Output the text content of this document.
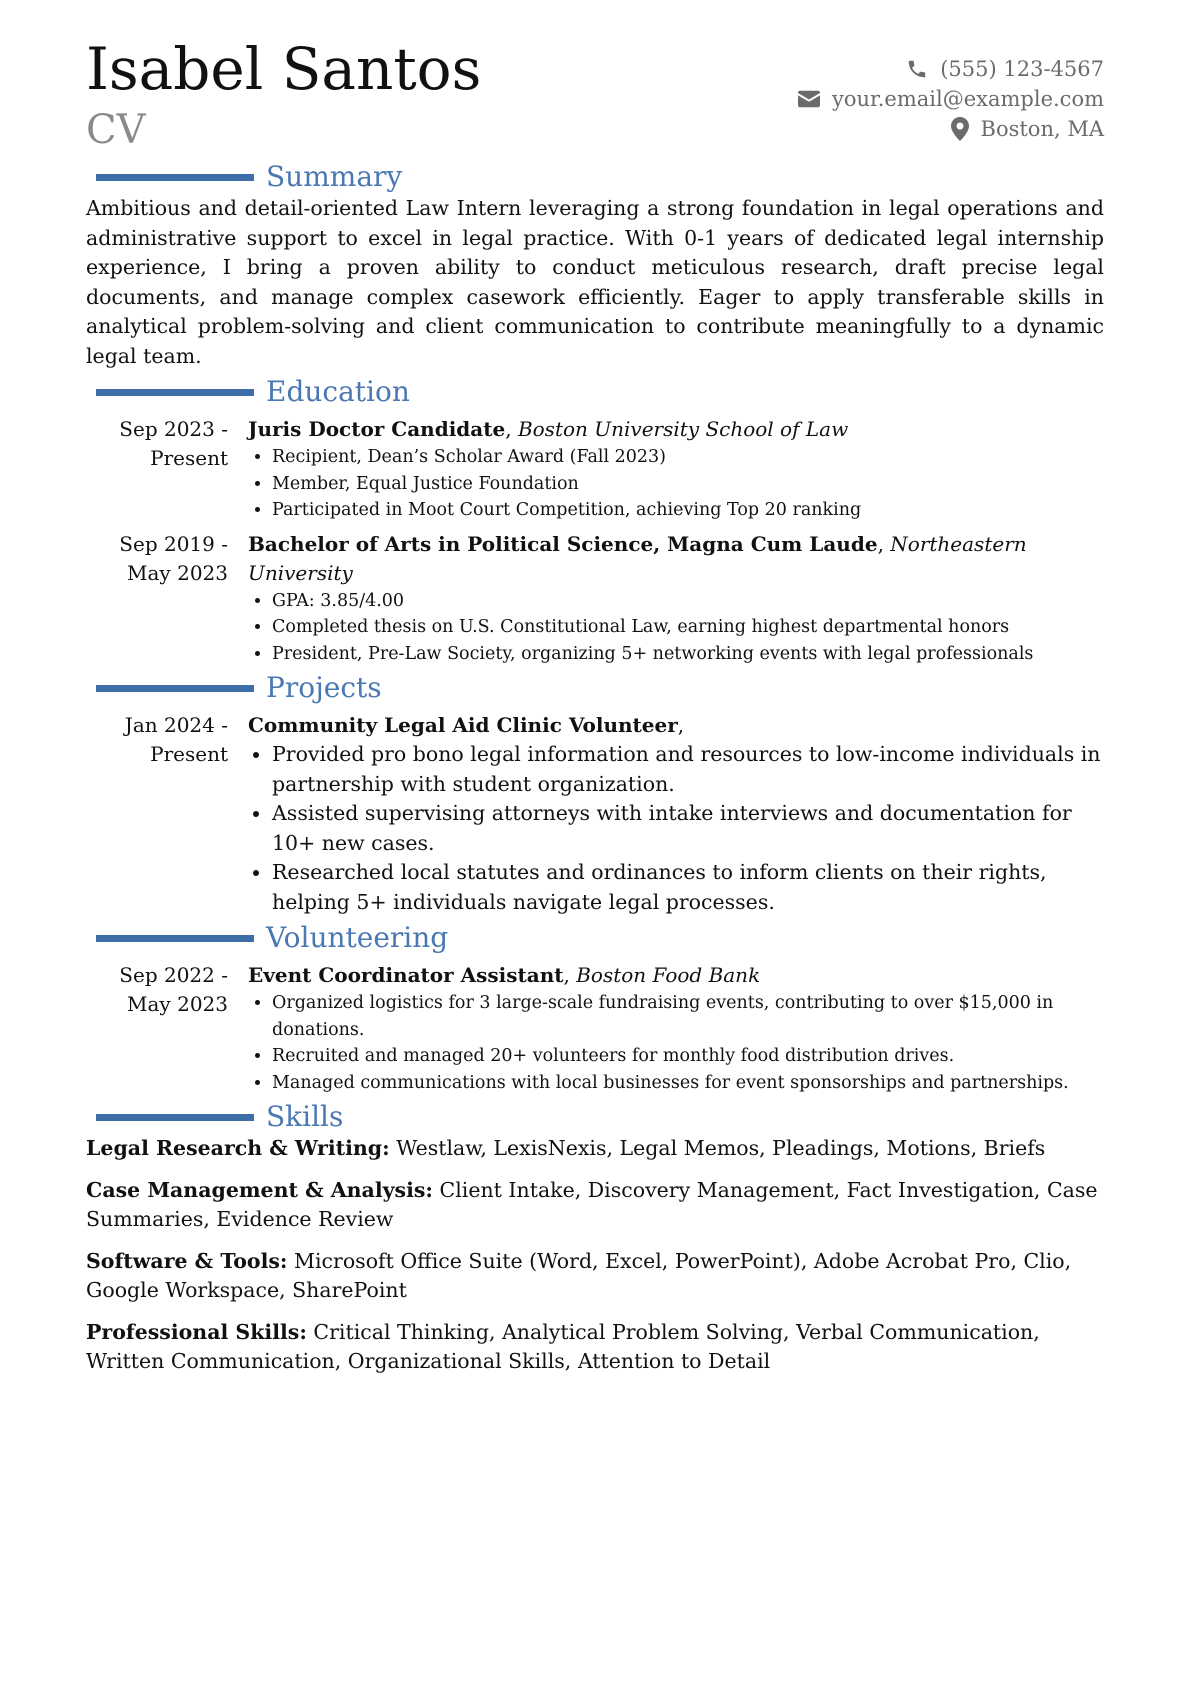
Isabel Santos
CV
(555) 123-4567
your.email@example.com
Boston, MA
Summary

Ambitious and detail-oriented Law Intern leveraging a strong foundation in legal operations and administrative support to excel in legal practice. With 0-1 years of dedicated legal internship experience, I bring a proven ability to conduct meticulous research, draft precise legal documents, and manage complex casework efficiently. Eager to apply transferable skills in analytical problem-solving and client communication to contribute meaningfully to a dynamic legal team.

Education
Sep 2023 - Present
Juris Doctor Candidate, Boston University School of Law
• Recipient, Dean’s Scholar Award (Fall 2023)
• Member, Equal Justice Foundation
• Participated in Moot Court Competition, achieving Top 20 ranking
Sep 2019 - May 2023
Bachelor of Arts in Political Science, Magna Cum Laude, Northeastern University
• GPA: 3.85/4.00
• Completed thesis on U.S. Constitutional Law, earning highest departmental honors
• President, Pre-Law Society, organizing 5+ networking events with legal professionals
Projects
Jan 2024 - Present
Community Legal Aid Clinic Volunteer,
• Provided pro bono legal information and resources to low-income individuals in partnership with student organization.
• Assisted supervising attorneys with intake interviews and documentation for 10+ new cases.
• Researched local statutes and ordinances to inform clients on their rights, helping 5+ individuals navigate legal processes.
Volunteering
Sep 2022 - May 2023
Event Coordinator Assistant, Boston Food Bank
• Organized logistics for 3 large-scale fundraising events, contributing to over $15,000 in donations.
• Recruited and managed 20+ volunteers for monthly food distribution drives.
• Managed communications with local businesses for event sponsorships and partnerships.
Skills

Legal Research & Writing: Westlaw, LexisNexis, Legal Memos, Pleadings, Motions, Briefs

Case Management & Analysis: Client Intake, Discovery Management, Fact Investigation, Case Summaries, Evidence Review

Software & Tools: Microsoft Office Suite (Word, Excel, PowerPoint), Adobe Acrobat Pro, Clio, Google Workspace, SharePoint

Professional Skills: Critical Thinking, Analytical Problem Solving, Verbal Communication, Written Communication, Organizational Skills, Attention to Detail
